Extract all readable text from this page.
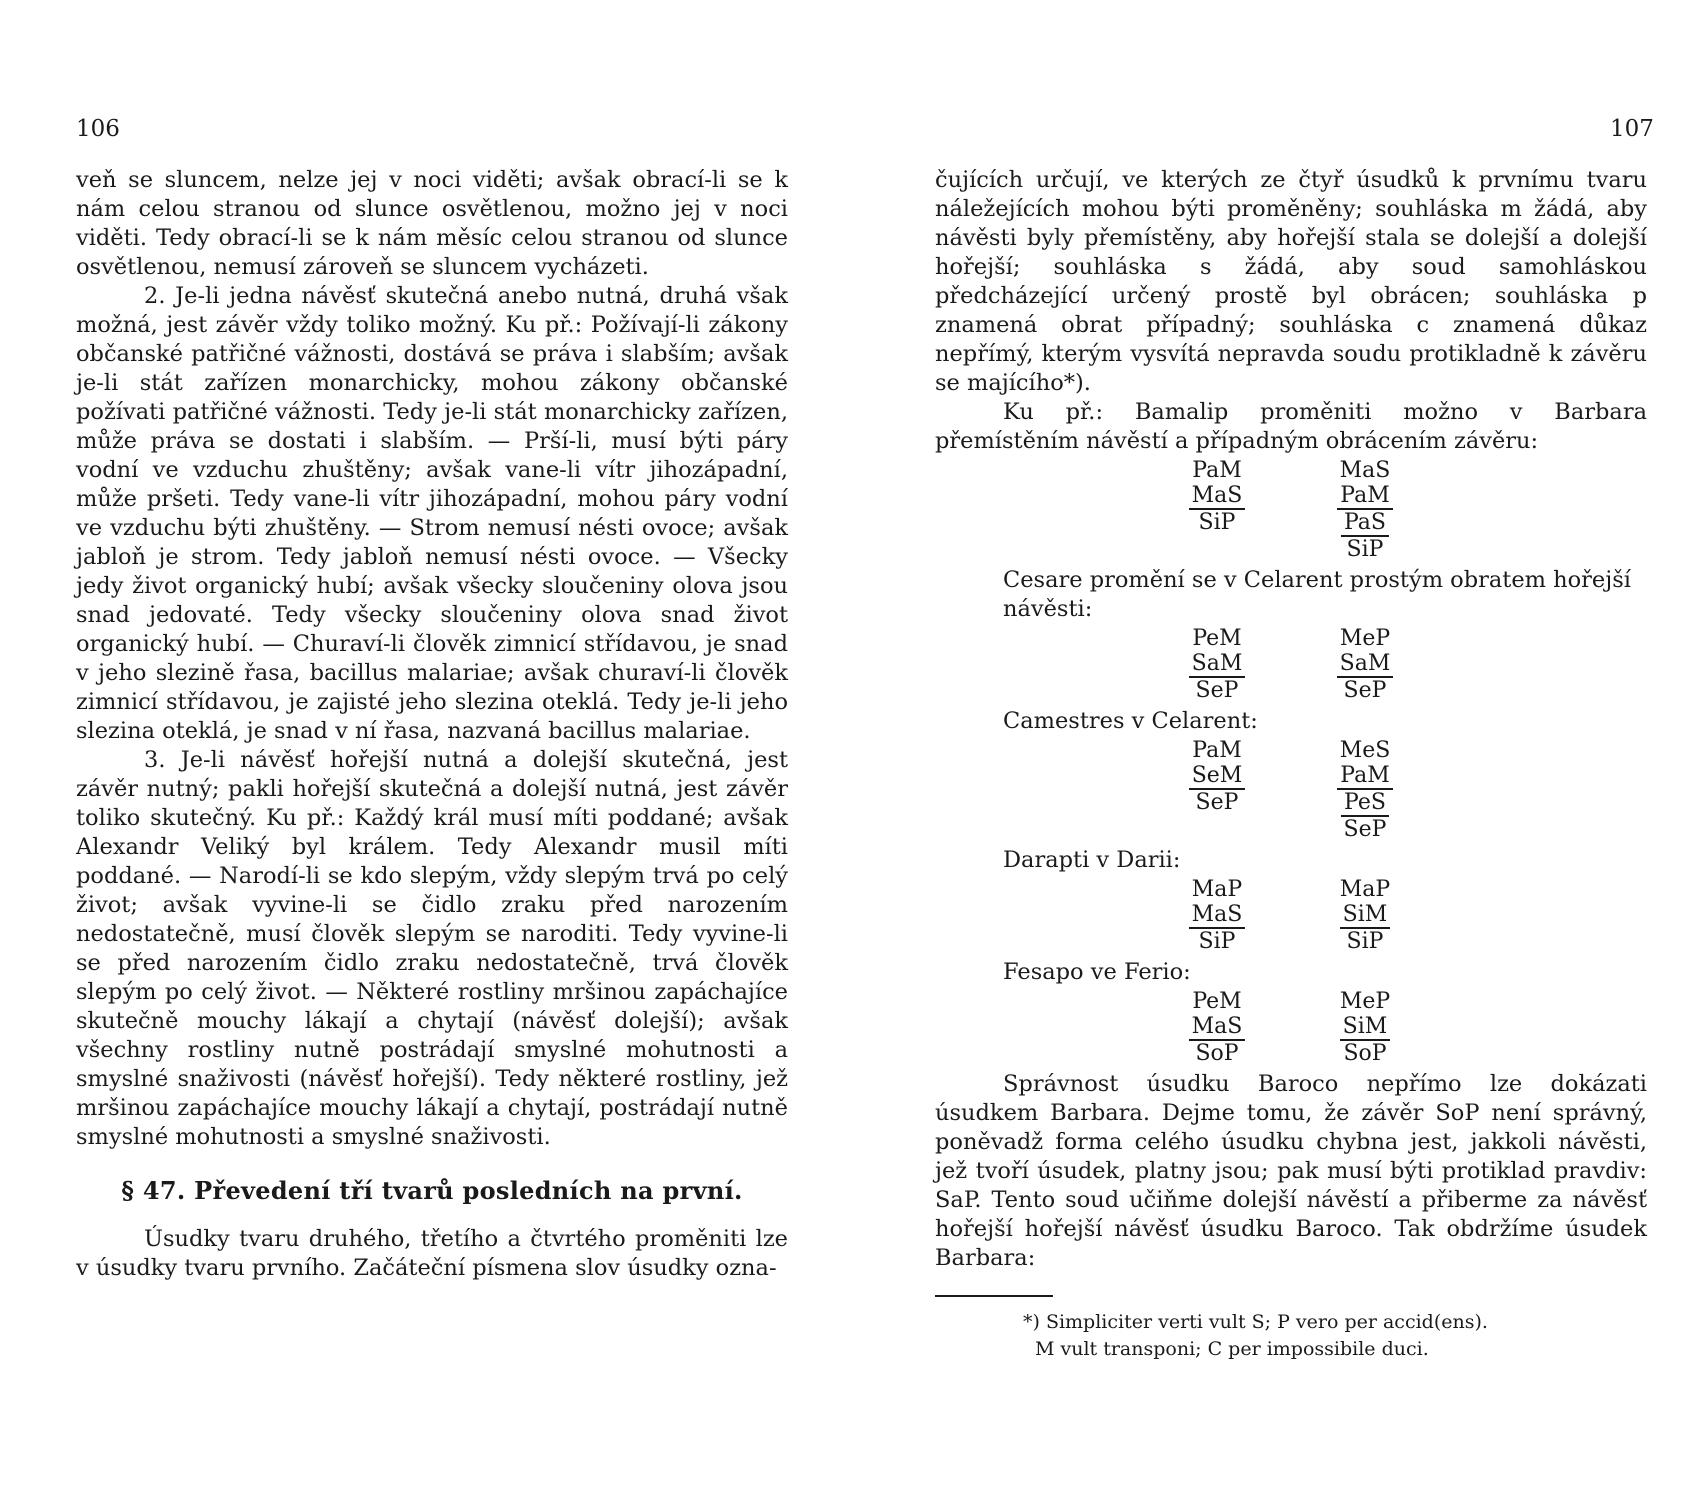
106	107

veň se sluncem, nelze jej v noci viděti; avšak obrací-li se k nám celou stranou od slunce osvětlenou, možno jej v noci viděti. Tedy obrací-li se k nám měsíc celou stranou od slunce osvětlenou, nemusí zároveň se sluncem vycházeti.

2. Je-li jedna návěsť skutečná anebo nutná, druhá však možná, jest závěr vždy toliko možný. Ku př.: Požívají-li zákony občanské patřičné vážnosti, dostává se práva i slabším; avšak je-li stát zařízen monarchicky, mohou zákony občanské požívati patřičné vážnosti. Tedy je-li stát monarchicky zařízen, může práva se dostati i slabším. — Prší-li, musí býti páry vodní ve vzduchu zhuštěny; avšak vane-li vítr jihozápadní, může pršeti. Tedy vane-li vítr jihozápadní, mohou páry vodní ve vzduchu býti zhuštěny. — Strom nemusí nésti ovoce; avšak jabloň je strom. Tedy jabloň nemusí nésti ovoce. — Všecky jedy život organický hubí; avšak všecky sloučeniny olova jsou snad jedovaté. Tedy všecky sloučeniny olova snad život organický hubí. — Churaví-li člověk zimnicí střídavou, je snad v jeho slezině řasa, bacillus malariae; avšak churaví-li člověk zimnicí střídavou, je zajisté jeho slezina oteklá. Tedy je-li jeho slezina oteklá, je snad v ní řasa, nazvaná bacillus malariae.

3. Je-li návěsť hořejší nutná a dolejší skutečná, jest závěr nutný; pakli hořejší skutečná a dolejší nutná, jest závěr toliko skutečný. Ku př.: Každý král musí míti poddané; avšak Alexandr Veliký byl králem. Tedy Alexandr musil míti poddané. — Narodí-li se kdo slepým, vždy slepým trvá po celý život; avšak vyvine-li se čidlo zraku před narozením nedostatečně, musí člověk slepým se naroditi. Tedy vyvine-li se před narozením čidlo zraku nedostatečně, trvá člověk slepým po celý život. — Některé rostliny mršinou zapáchajíce skutečně mouchy lákají a chytají (návěsť dolejší); avšak všechny rostliny nutně postrádají smyslné mohutnosti a smyslné snaživosti (návěsť hořejší). Tedy některé rostliny, jež mršinou zapáchajíce mouchy lákají a chytají, postrádají nutně smyslné mohutnosti a smyslné snaživosti.

§ 47. Převedení tří tvarů posledních na první.

Úsudky tvaru druhého, třetího a čtvrtého proměniti lze v úsudky tvaru prvního. Začáteční písmena slov úsudky ozna-

čujících určují, ve kterých ze čtyř úsudků k prvnímu tvaru náležejících mohou býti proměněny; souhláska m žádá, aby návěsti byly přemístěny, aby hořejší stala se dolejší a dolejší hořejší; souhláska s žádá, aby soud samohláskou předcházející určený prostě byl obrácen; souhláska p znamená obrat případný; souhláska c znamená důkaz nepřímý, kterým vysvítá nepravda soudu protikladně k závěru se majícího*).

Ku př.: Bamalip proměniti možno v Barbara přemístěním návěstí a případným obrácením závěru:

PaM
MaS
SiP
MaS
PaM
PaS
SiP
Cesare promění se v Celarent prostým obratem hořejší návěsti:
PeM
SaM
SeP
MeP
SaM
SeP
Camestres v Celarent:
PaM
SeM
SeP
MeS
PaM
PeS
SeP
Darapti v Darii:
MaP
MaS
SiP
MaP
SiM
SiP
Fesapo ve Ferio:
PeM
MaS
SoP
MeP
SiM
SoP

Správnost úsudku Baroco nepřímo lze dokázati úsudkem Barbara. Dejme tomu, že závěr SoP není správný, poněvadž forma celého úsudku chybna jest, jakkoli návěsti, jež tvoří úsudek, platny jsou; pak musí býti protiklad pravdiv: SaP. Tento soud učiňme dolejší návěstí a přiberme za návěsť hořejší hořejší návěsť úsudku Baroco. Tak obdržíme úsudek Barbara:

*) Simpliciter verti vult S; P vero per accid(ens).
M vult transponi; C per impossibile duci.
